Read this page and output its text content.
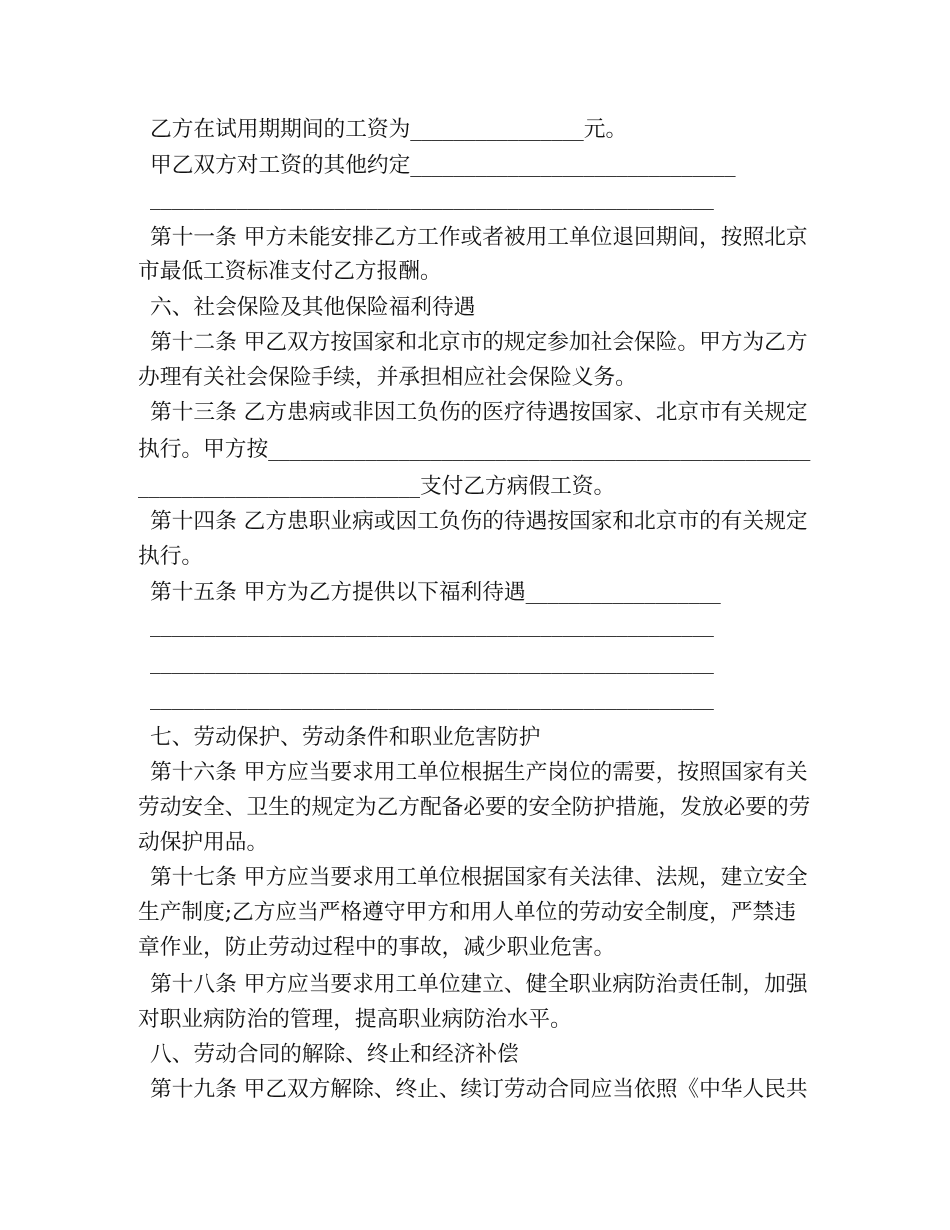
乙方在试用期期间的工资为________________元。
甲乙双方对工资的其他约定______________________________
____________________________________________________
第十一条 甲方未能安排乙方工作或者被用工单位退回期间，按照北京
市最低工资标准支付乙方报酬。
六、社会保险及其他保险福利待遇
第十二条 甲乙双方按国家和北京市的规定参加社会保险。甲方为乙方
办理有关社会保险手续，并承担相应社会保险义务。
第十三条 乙方患病或非因工负伤的医疗待遇按国家、北京市有关规定
执行。甲方按__________________________________________________
__________________________支付乙方病假工资。
第十四条 乙方患职业病或因工负伤的待遇按国家和北京市的有关规定
执行。
第十五条 甲方为乙方提供以下福利待遇__________________
____________________________________________________
____________________________________________________
____________________________________________________
七、劳动保护、劳动条件和职业危害防护
第十六条 甲方应当要求用工单位根据生产岗位的需要，按照国家有关
劳动安全、卫生的规定为乙方配备必要的安全防护措施，发放必要的劳
动保护用品。
第十七条 甲方应当要求用工单位根据国家有关法律、法规，建立安全
生产制度;乙方应当严格遵守甲方和用人单位的劳动安全制度，严禁违
章作业，防止劳动过程中的事故，减少职业危害。
第十八条 甲方应当要求用工单位建立、健全职业病防治责任制，加强
对职业病防治的管理，提高职业病防治水平。
八、劳动合同的解除、终止和经济补偿
第十九条 甲乙双方解除、终止、续订劳动合同应当依照《中华人民共
